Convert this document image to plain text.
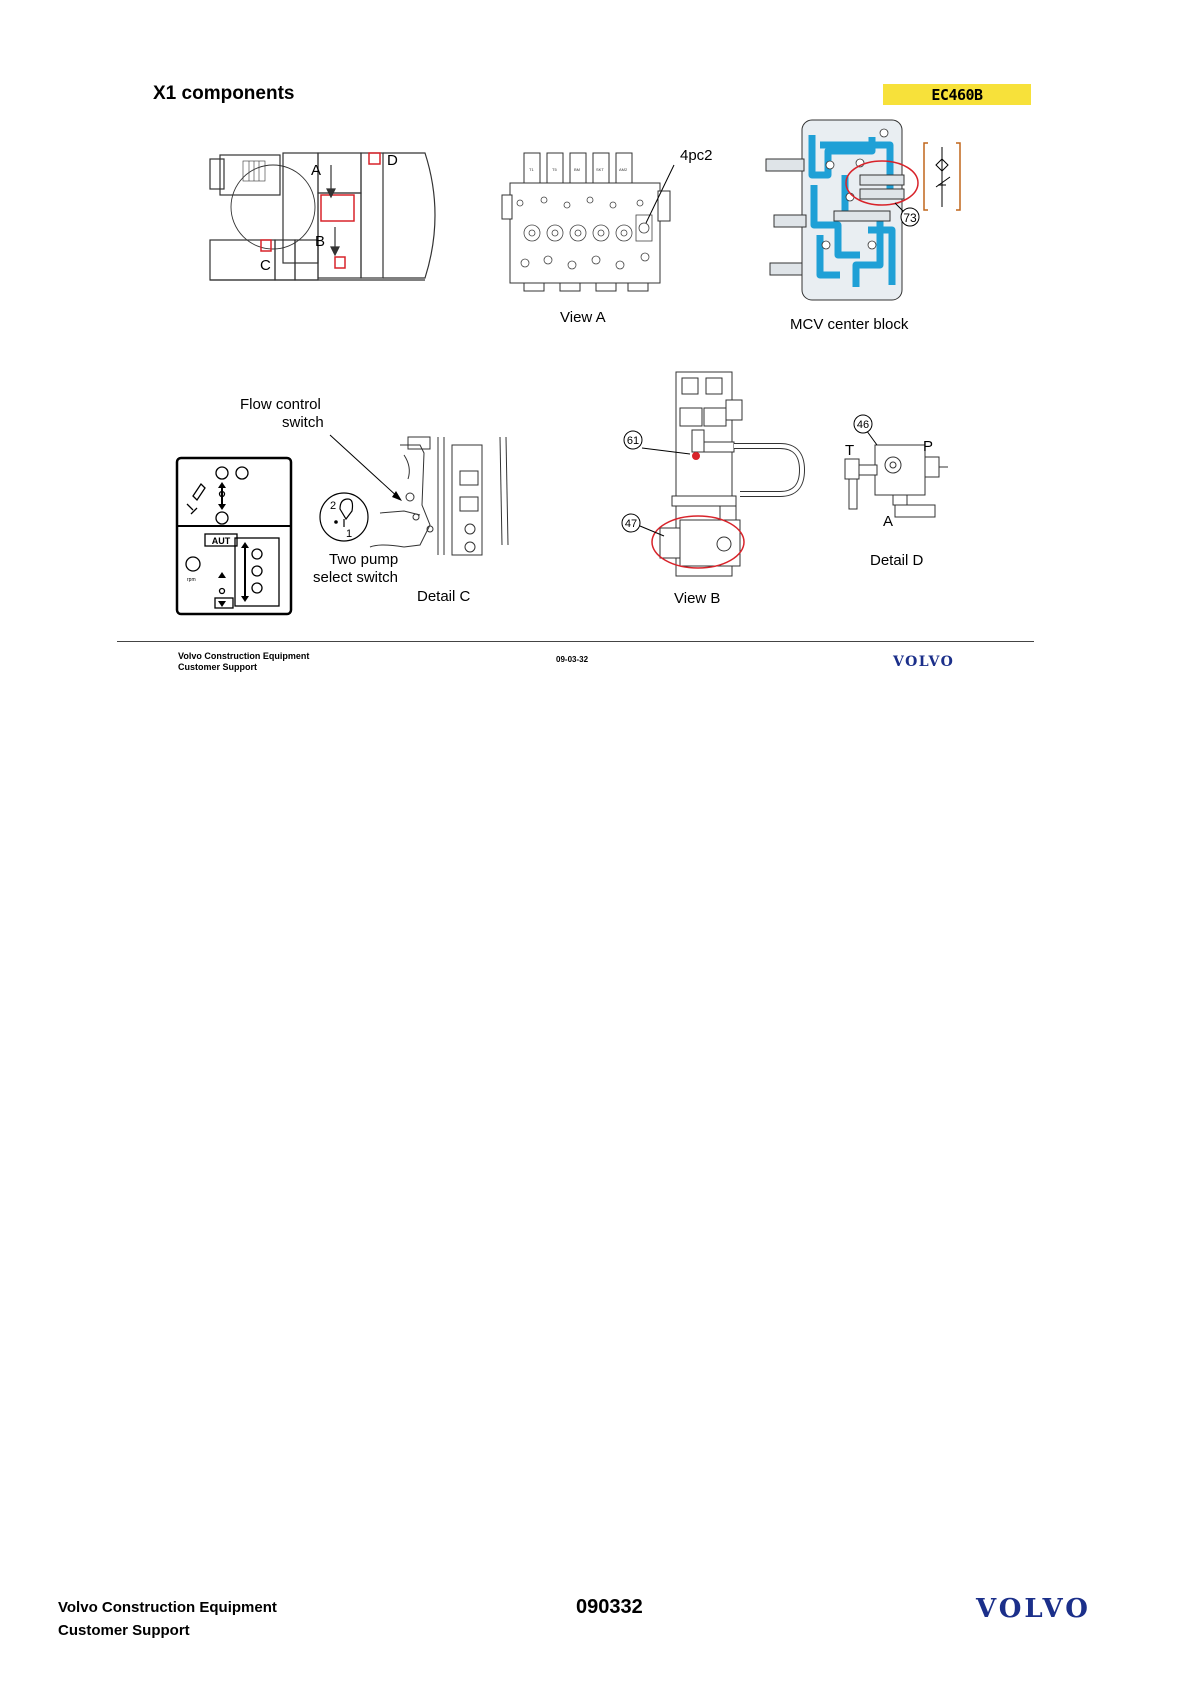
X1 components	EC460B
A
B
C
D
T1	T5	BM	SKT	AM2
4pc2
View A
73
MCV center block
AUT
rpm
2
1
Flow control
switch
Two pump
select switch
Detail C
61
47
View B
46
T	P
A
Detail D
Volvo Construction Equipment
Customer Support
09-03-32	VOLVO
Volvo Construction Equipment
Customer Support
090332	VOLVO
